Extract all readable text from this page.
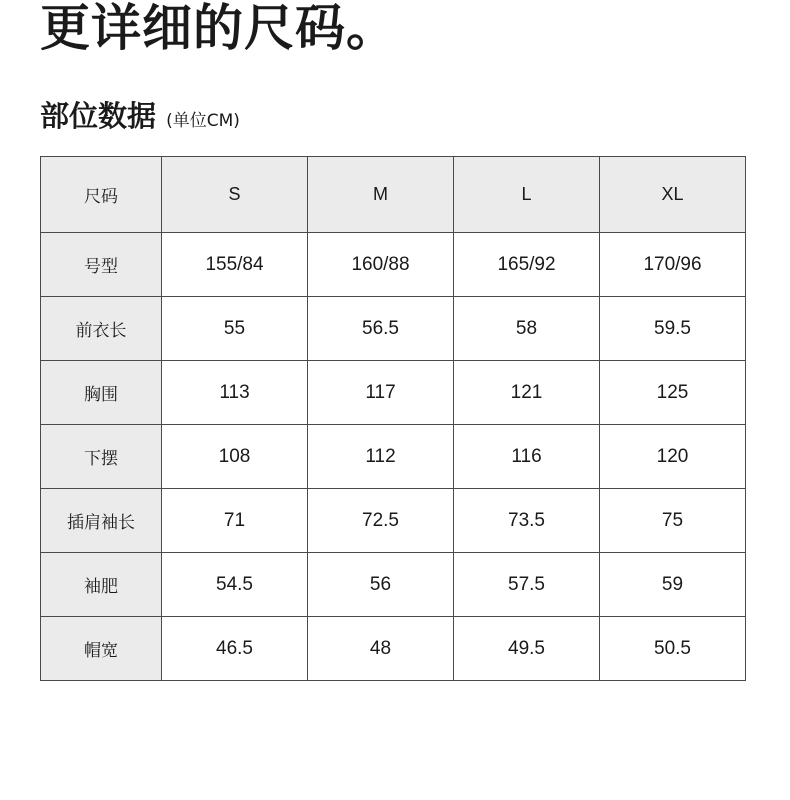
更详细的尺码。
部位数据 (单位CM)
尺码	S	M	L	XL
号型	155/84	160/88	165/92	170/96
前衣长	55	56.5	58	59.5
胸围	113	117	121	125
下摆	108	112	116	120
插肩袖长	71	72.5	73.5	75
袖肥	54.5	56	57.5	59
帽宽	46.5	48	49.5	50.5
